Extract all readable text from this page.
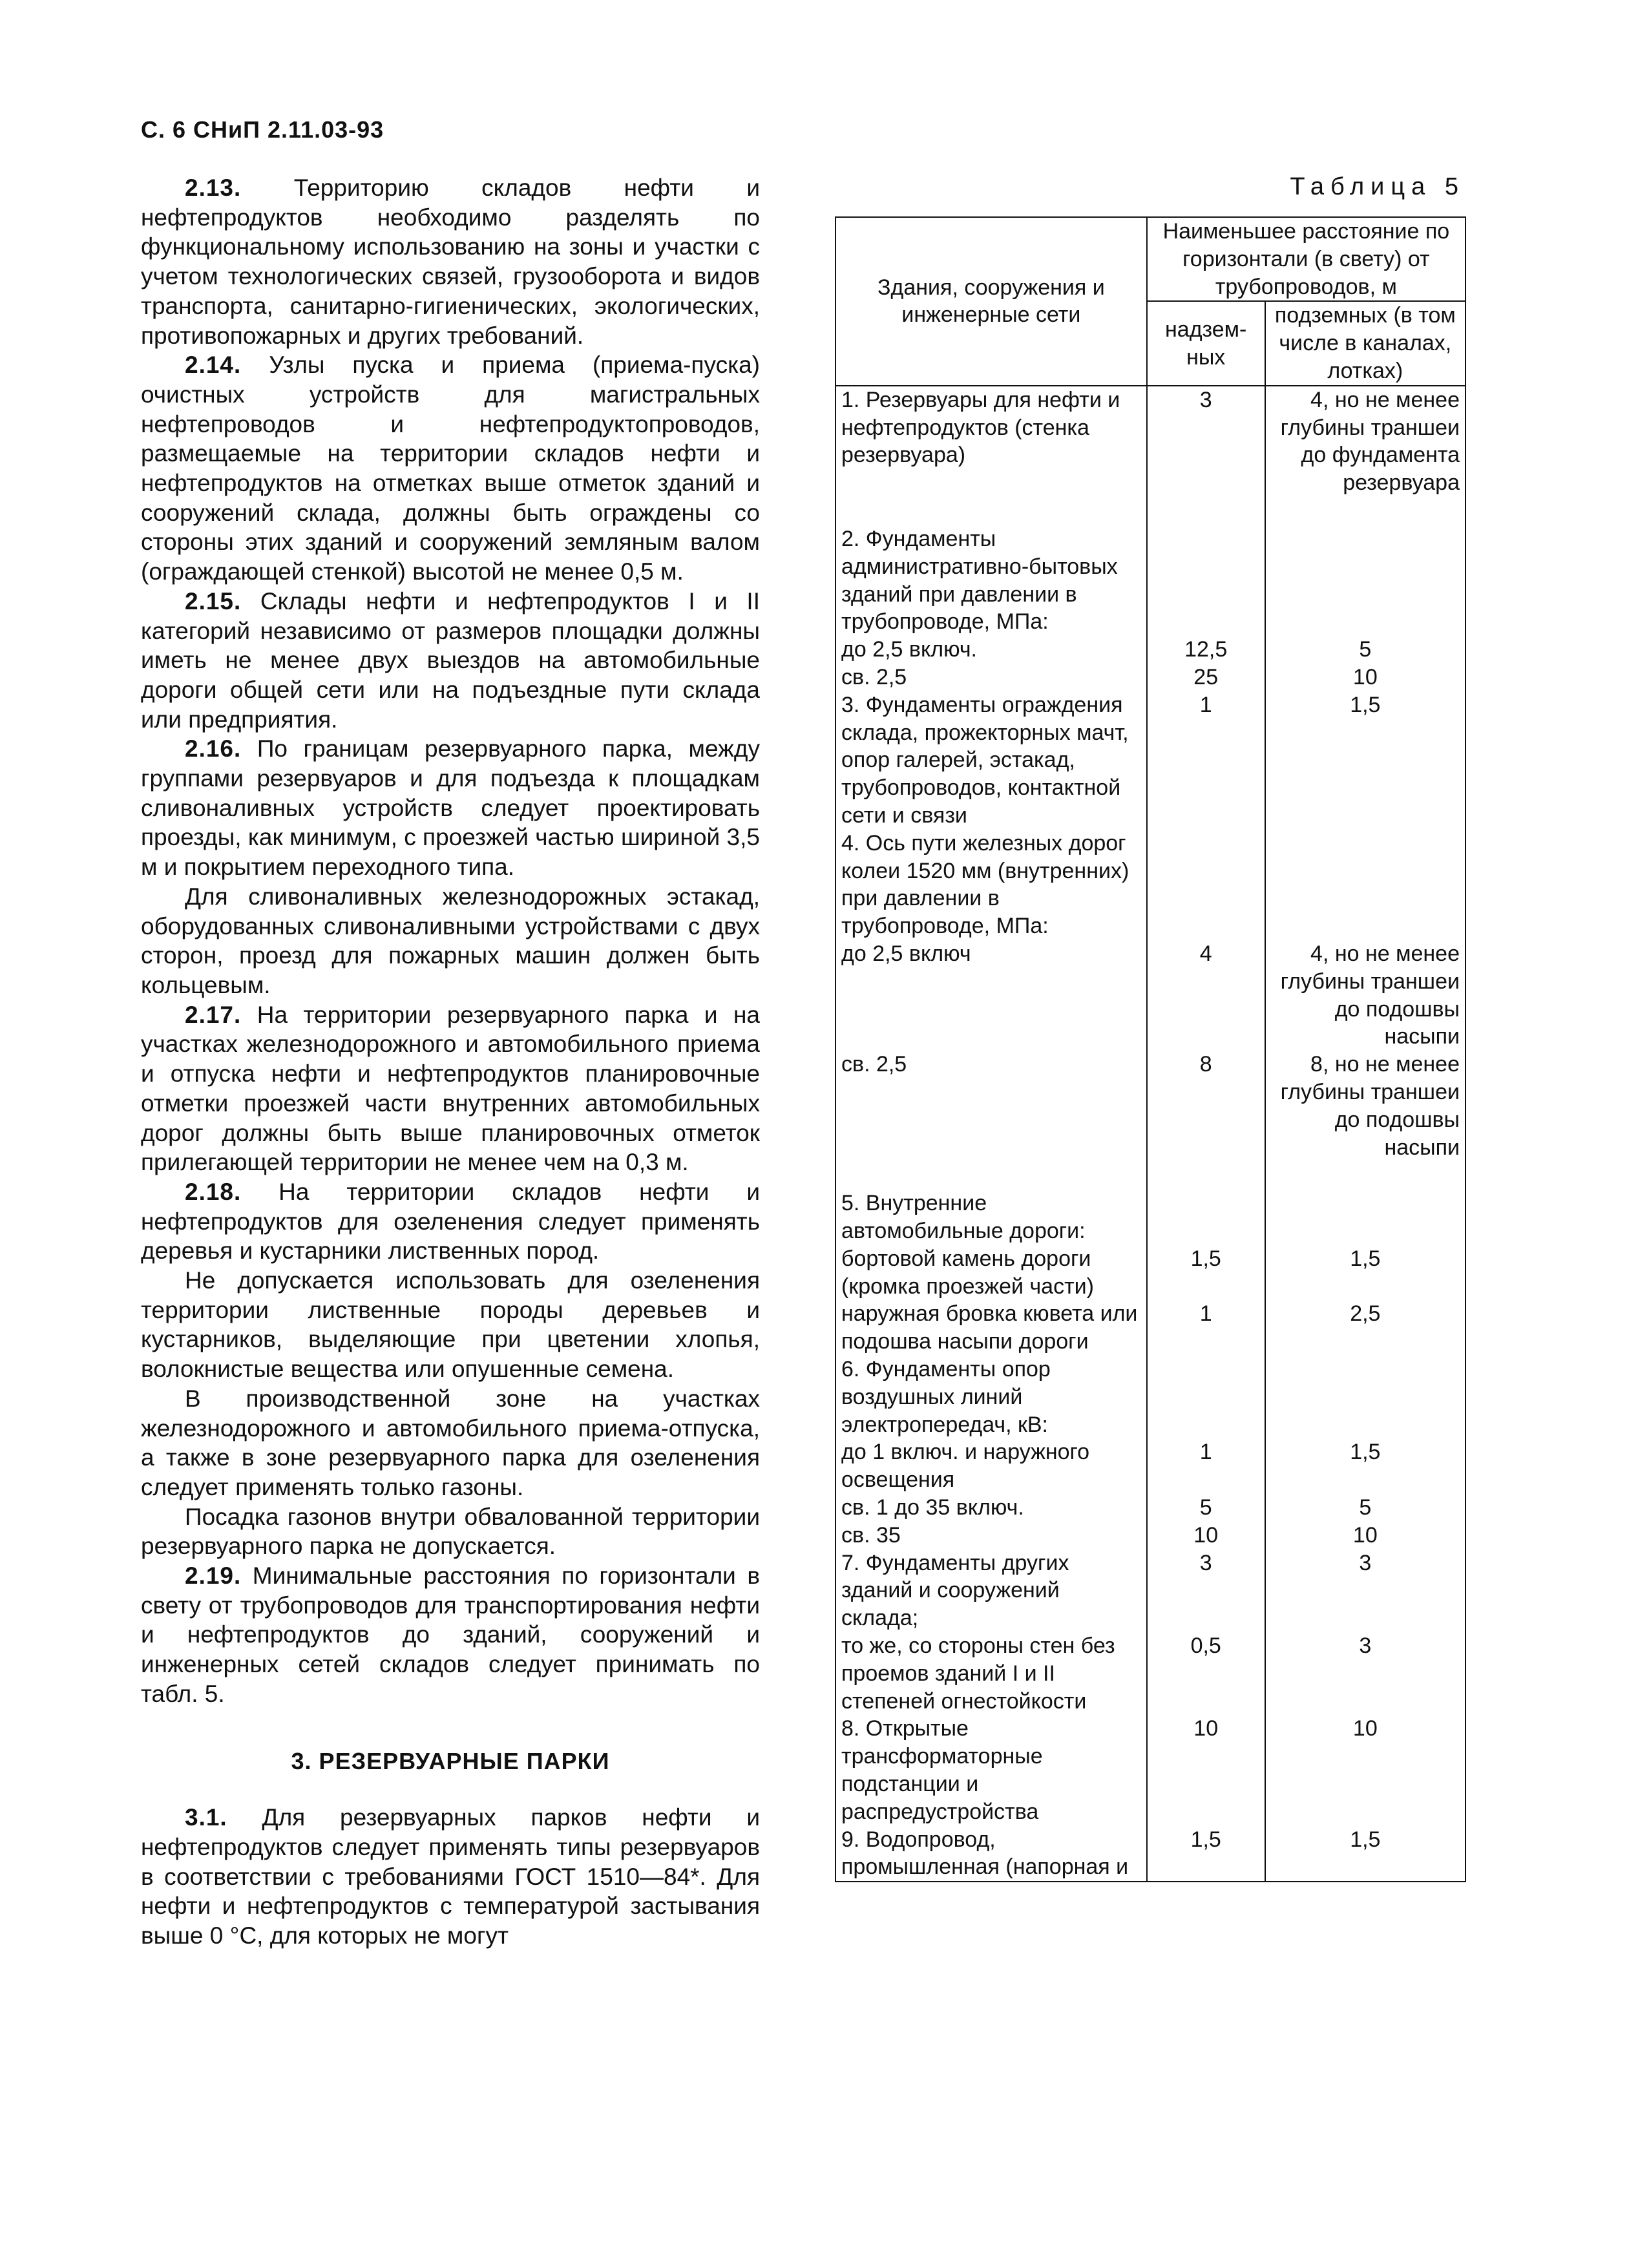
С. 6 СНиП 2.11.03-93

2.13. Территорию складов нефти и нефтепродуктов необходимо разделять по функциональному использованию на зоны и участки с учетом технологических связей, грузооборота и видов транспорта, санитарно-гигиенических, экологических, противопожарных и других требований.

2.14. Узлы пуска и приема (приема-пуска) очистных устройств для магистральных нефтепроводов и нефтепродуктопроводов, размещаемые на территории складов нефти и нефтепродуктов на отметках выше отметок зданий и сооружений склада, должны быть ограждены со стороны этих зданий и сооружений земляным валом (ограждающей стенкой) высотой не менее 0,5 м.

2.15. Склады нефти и нефтепродуктов I и II категорий независимо от размеров площадки должны иметь не менее двух выездов на автомобильные дороги общей сети или на подъездные пути склада или предприятия.

2.16. По границам резервуарного парка, между группами резервуаров и для подъезда к площадкам сливоналивных устройств следует проектировать проезды, как минимум, с проезжей частью шириной 3,5 м и покрытием переходного типа.

Для сливоналивных железнодорожных эстакад, оборудованных сливоналивными устройствами с двух сторон, проезд для пожарных машин должен быть кольцевым.

2.17. На территории резервуарного парка и на участках железнодорожного и автомобильного приема и отпуска нефти и нефтепродуктов планировочные отметки проезжей части внутренних автомобильных дорог должны быть выше планировочных отметок прилегающей территории не менее чем на 0,3 м.

2.18. На территории складов нефти и нефтепродуктов для озеленения следует применять деревья и кустарники лиственных пород.

Не допускается использовать для озеленения территории лиственные породы деревьев и кустарников, выделяющие при цветении хлопья, волокнистые вещества или опушенные семена.

В производственной зоне на участках железнодорожного и автомобильного приема-отпуска, а также в зоне резервуарного парка для озеленения следует применять только газоны.

Посадка газонов внутри обвалованной территории резервуарного парка не допускается.

2.19. Минимальные расстояния по горизонтали в свету от трубопроводов для транспортирования нефти и нефтепродуктов до зданий, сооружений и инженерных сетей складов следует принимать по табл. 5.

3. РЕЗЕРВУАРНЫЕ ПАРКИ

3.1. Для резервуарных парков нефти и нефтепродуктов следует применять типы резервуаров в соответствии с требованиями ГОСТ 1510—84*. Для нефти и нефтепродуктов с температурой застывания выше 0 °С, для которых не могут

Таблица 5
Здания, сооружения и инженерные сети	Наименьшее расстояние по горизонтали (в свету) от трубопроводов, м	
	надзем-ных	подземных (в том числе в каналах, лотках)
1. Резервуары для нефти и нефтепродуктов (стенка резервуара)	3	4, но не менее глубины траншеи до фундамента резервуара

2. Фундаменты административно-бытовых зданий при давлении в трубопроводе, МПа:		
до 2,5 включ.	12,5	5
св. 2,5	25	10
3. Фундаменты ограждения склада, прожекторных мачт, опор галерей, эстакад, трубопроводов, контактной сети и связи	1	1,5
4. Ось пути железных дорог колеи 1520 мм (внутренних) при давлении в трубопроводе, МПа:		
до 2,5 включ	4	4, но не менее глубины траншеи до подошвы насыпи
св. 2,5	8	8, но не менее глубины траншеи до подошвы насыпи

5. Внутренние автомобильные дороги:		
бортовой камень дороги (кромка проезжей части)	1,5	1,5
наружная бровка кювета или подошва насыпи дороги	1	2,5
6. Фундаменты опор воздушных линий электропередач, кВ:		
до 1 включ. и наружного освещения	1	1,5
св. 1 до 35 включ.	5	5
св. 35	10	10
7. Фундаменты других зданий и сооружений склада;	3	3
то же, со стороны стен без проемов зданий I и II степеней огнестойкости	0,5	3
8. Открытые трансформаторные подстанции и распредустройства	10	10
9. Водопровод, промышленная (напорная и	1,5	1,5
